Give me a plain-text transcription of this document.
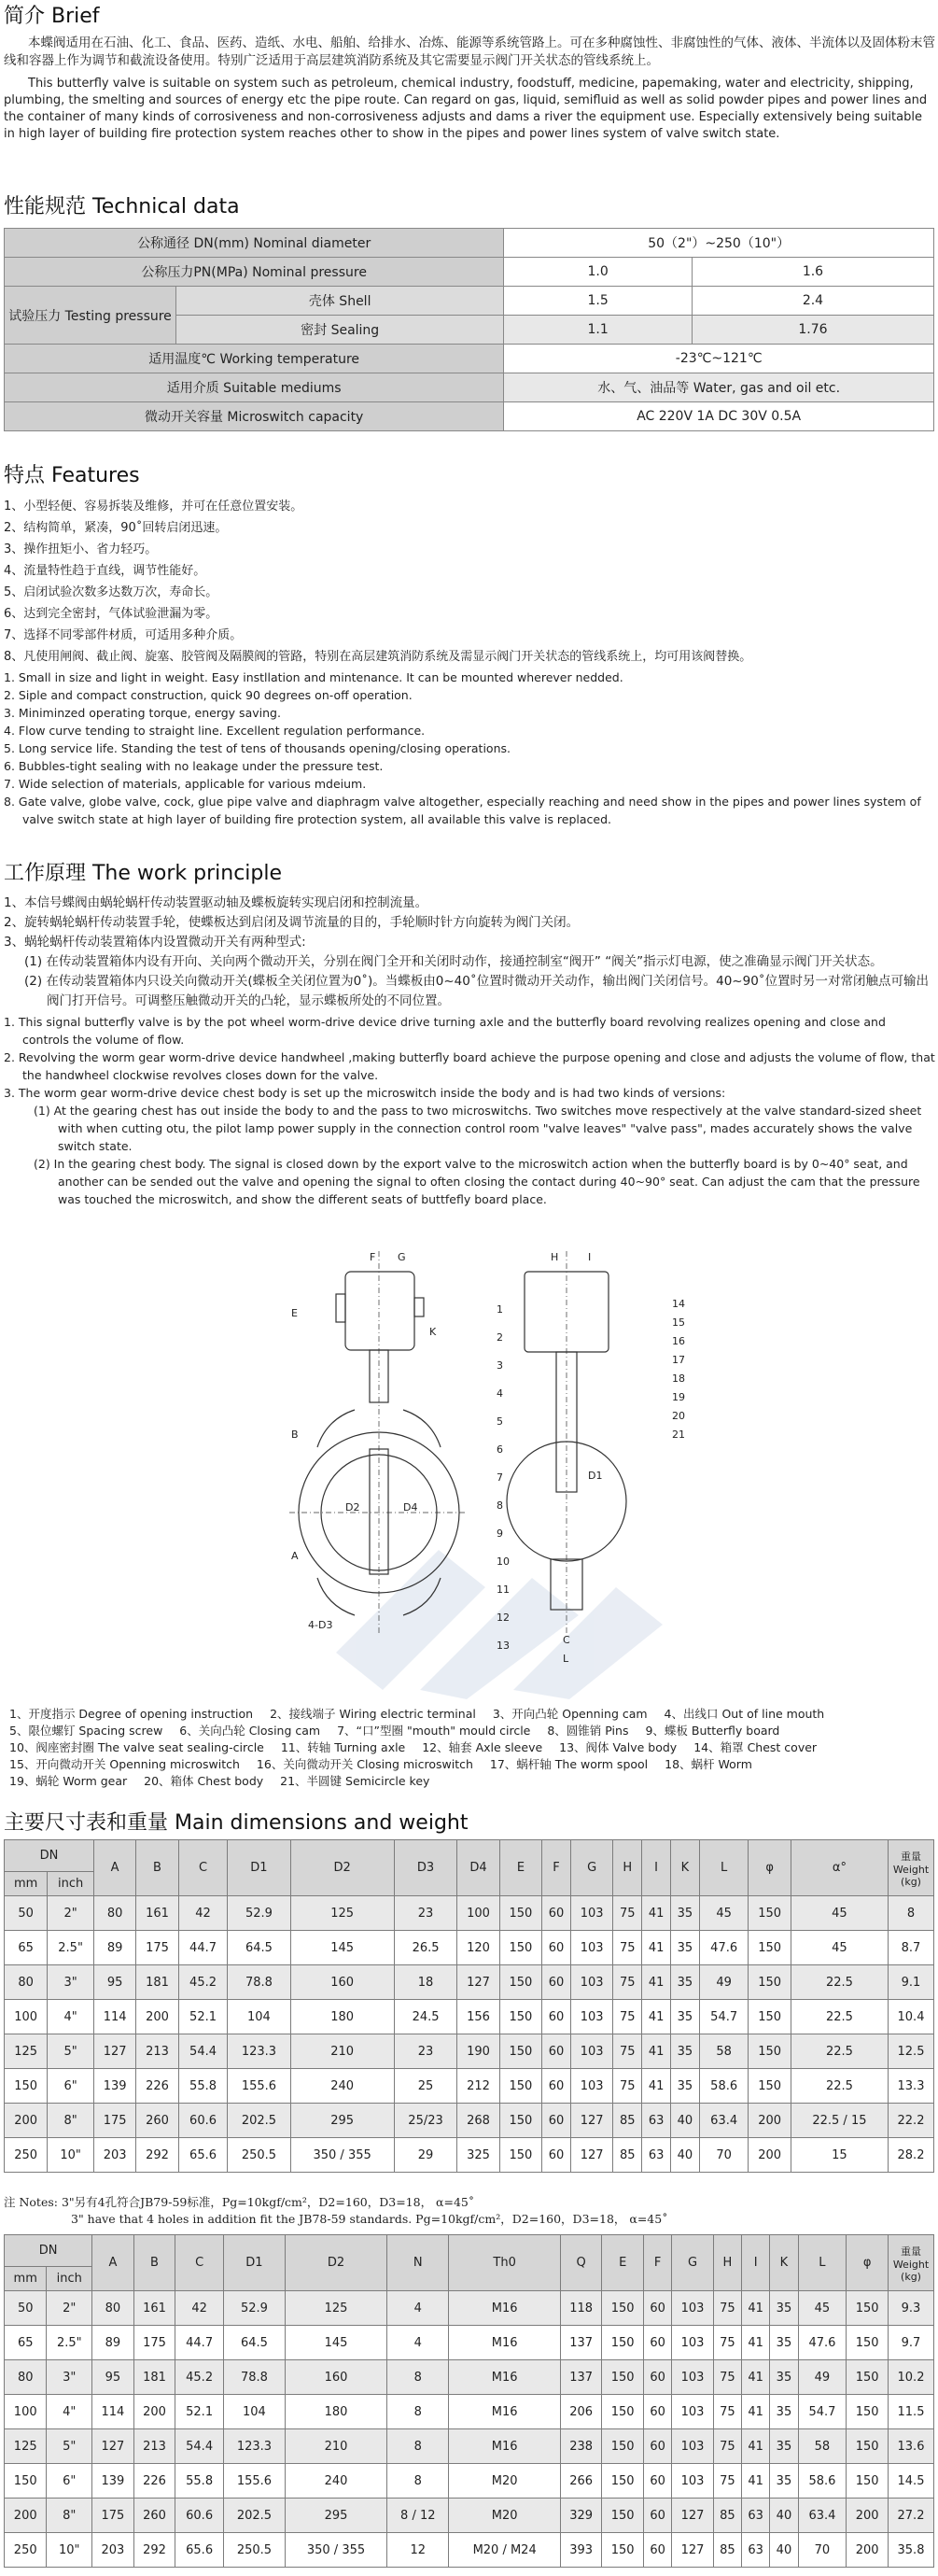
简介 Brief

本蝶阀适用在石油、化工、食品、医药、造纸、水电、船舶、给排水、冶炼、能源等系统管路上。可在多种腐蚀性、非腐蚀性的气体、液体、半流体以及固体粉末管线和容器上作为调节和截流设备使用。特别广泛适用于高层建筑消防系统及其它需要显示阀门开关状态的管线系统上。

This butterfly valve is suitable on system such as petroleum, chemical industry, foodstuff, medicine, papemaking, water and electricity, shipping, plumbing, the smelting and sources of energy etc the pipe route. Can regard on gas, liquid, semifluid as well as solid powder pipes and power lines and the container of many kinds of corrosiveness and non-corrosiveness adjusts and dams a river the equipment use. Especially extensively being suitable in high layer of building fire protection system reaches other to show in the pipes and power lines system of valve switch state.

性能规范 Technical data
公称通径 DN(mm) Nominal diameter		50（2"）~250（10"）	
公称压力PN(MPa) Nominal pressure		1.0	1.6
试验压力 Testing pressure	壳体 Shell	1.5	2.4
	密封 Sealing	1.1	1.76
适用温度℃ Working temperature		-23℃~121℃	
适用介质 Suitable mediums		水、气、油品等 Water, gas and oil etc.	
微动开关容量 Microswitch capacity		AC 220V 1A DC 30V 0.5A	
特点 Features
1、小型轻便、容易拆装及维修，并可在任意位置安装。
2、结构简单，紧凑，90˚回转启闭迅速。
3、操作扭矩小、省力轻巧。
4、流量特性趋于直线，调节性能好。
5、启闭试验次数多达数万次，寿命长。
6、达到完全密封，气体试验泄漏为零。
7、选择不同零部件材质，可适用多种介质。
8、凡使用闸阀、截止阀、旋塞、胶管阀及隔膜阀的管路，特别在高层建筑消防系统及需显示阀门开关状态的管线系统上，均可用该阀替换。
1. Small in size and light in weight. Easy instllation and mintenance. It can be mounted wherever nedded.
2. Siple and compact construction, quick 90 degrees on-off operation.
3. Miniminzed operating torque, energy saving.
4. Flow curve tending to straight line. Excellent regulation performance.
5. Long service life. Standing the test of tens of thousands opening/closing operations.
6. Bubbles-tight sealing with no leakage under the pressure test.
7. Wide selection of materials, applicable for various mdeium.
8. Gate valve, globe valve, cock, glue pipe valve and diaphragm valve altogether, especially reaching and need show in the pipes and power lines system of valve switch state at high layer of building fire protection system, all available this valve is replaced.
工作原理 The work principle
1、本信号蝶阀由蜗轮蜗杆传动装置驱动轴及蝶板旋转实现启闭和控制流量。
2、旋转蜗轮蜗杆传动装置手轮，使蝶板达到启闭及调节流量的目的，手轮顺时针方向旋转为阀门关闭。
3、蜗轮蜗杆传动装置箱体内设置微动开关有两种型式:
(1) 在传动装置箱体内设有开向、关向两个微动开关，分别在阀门全开和关闭时动作，接通控制室“阀开” “阀关”指示灯电源，使之准确显示阀门开关状态。
(2) 在传动装置箱体内只设关向微动开关(蝶板全关闭位置为0˚)。当蝶板由0~40˚位置时微动开关动作，输出阀门关闭信号。40~90˚位置时另一对常闭触点可输出阀门打开信号。可调整压触微动开关的凸轮，显示蝶板所处的不同位置。
1. This signal butterfly valve is by the pot wheel worm-drive device drive turning axle and the butterfly board revolving realizes opening and close and controls the volume of flow.
2. Revolving the worm gear worm-drive device handwheel ,making butterfly board achieve the purpose opening and close and adjusts the volume of flow, that the handwheel clockwise revolves closes down for the valve.
3. The worm gear worm-drive device chest body is set up the microswitch inside the body and is had two kinds of versions:
(1) At the gearing chest has out inside the body to and the pass to two microswitchs. Two switches move respectively at the valve standard-sized sheet with when cutting otu, the pilot lamp power supply in the connection control room "valve leaves" "valve pass", mades accurately shows the valve switch state.
(2) In the gearing chest body. The signal is closed down by the export valve to the microswitch action when the butterfly board is by 0~40° seat, and another can be sended out the valve and opening the signal to often closing the contact during 40~90° seat. Can adjust the cam that the pressure was touched the microswitch, and show the different seats of buttfefly board place.
F G
E
K
B
A
D2	D4
4-D3
H	I
C
L
D1
1
2
3
4
5
6
7
8
9
10
11
12
13
14
15
16
17
18
19
20
21
1、开度指示 Degree of opening instruction 2、接线端子 Wiring electric terminal 3、开向凸轮 Openning cam 4、出线口 Out of line mouth
5、限位螺钉 Spacing screw 6、关向凸轮 Closing cam 7、“口”型圈 "mouth" mould circle 8、圆锥销 Pins 9、蝶板 Butterfly board
10、阀座密封圈 The valve seat sealing-circle 11、转轴 Turning axle 12、轴套 Axle sleeve 13、阀体 Valve body 14、箱罩 Chest cover
15、开向微动开关 Openning microswitch 16、关向微动开关 Closing microswitch 17、蜗杆轴 The worm spool 18、蜗杆 Worm
19、蜗轮 Worm gear 20、箱体 Chest body 21、半圆键 Semicircle key
主要尺寸表和重量 Main dimensions and weight
DN		A	B	C	D1	D2	D3	D4	E	F	G	H	I	K	L	φ	α°	重量 Weight (kg)
mm	inch																	
50	2"	80	161	42	52.9	125	23	100	150	60	103	75	41	35	45	150	45	8
65	2.5"	89	175	44.7	64.5	145	26.5	120	150	60	103	75	41	35	47.6	150	45	8.7
80	3"	95	181	45.2	78.8	160	18	127	150	60	103	75	41	35	49	150	22.5	9.1
100	4"	114	200	52.1	104	180	24.5	156	150	60	103	75	41	35	54.7	150	22.5	10.4
125	5"	127	213	54.4	123.3	210	23	190	150	60	103	75	41	35	58	150	22.5	12.5
150	6"	139	226	55.8	155.6	240	25	212	150	60	103	75	41	35	58.6	150	22.5	13.3
200	8"	175	260	60.6	202.5	295	25/23	268	150	60	127	85	63	40	63.4	200	22.5 / 15	22.2
250	10"	203	292	65.6	250.5	350 / 355	29	325	150	60	127	85	63	40	70	200	15	28.2
注 Notes: 3"另有4孔符合JB79-59标准，Pg=10kgf/cm²，D2=160，D3=18， α=45˚
3" have that 4 holes in addition fit the JB78-59 standards. Pg=10kgf/cm²，D2=160，D3=18， α=45˚
DN		A	B	C	D1	D2	N	Th0	Q	E	F	G	H	I	K	L	φ	重量 Weight (kg)
mm	inch																	
50	2"	80	161	42	52.9	125	4	M16	118	150	60	103	75	41	35	45	150	9.3
65	2.5"	89	175	44.7	64.5	145	4	M16	137	150	60	103	75	41	35	47.6	150	9.7
80	3"	95	181	45.2	78.8	160	8	M16	137	150	60	103	75	41	35	49	150	10.2
100	4"	114	200	52.1	104	180	8	M16	206	150	60	103	75	41	35	54.7	150	11.5
125	5"	127	213	54.4	123.3	210	8	M16	238	150	60	103	75	41	35	58	150	13.6
150	6"	139	226	55.8	155.6	240	8	M20	266	150	60	103	75	41	35	58.6	150	14.5
200	8"	175	260	60.6	202.5	295	8 / 12	M20	329	150	60	127	85	63	40	63.4	200	27.2
250	10"	203	292	65.6	250.5	350 / 355	12	M20 / M24	393	150	60	127	85	63	40	70	200	35.8
